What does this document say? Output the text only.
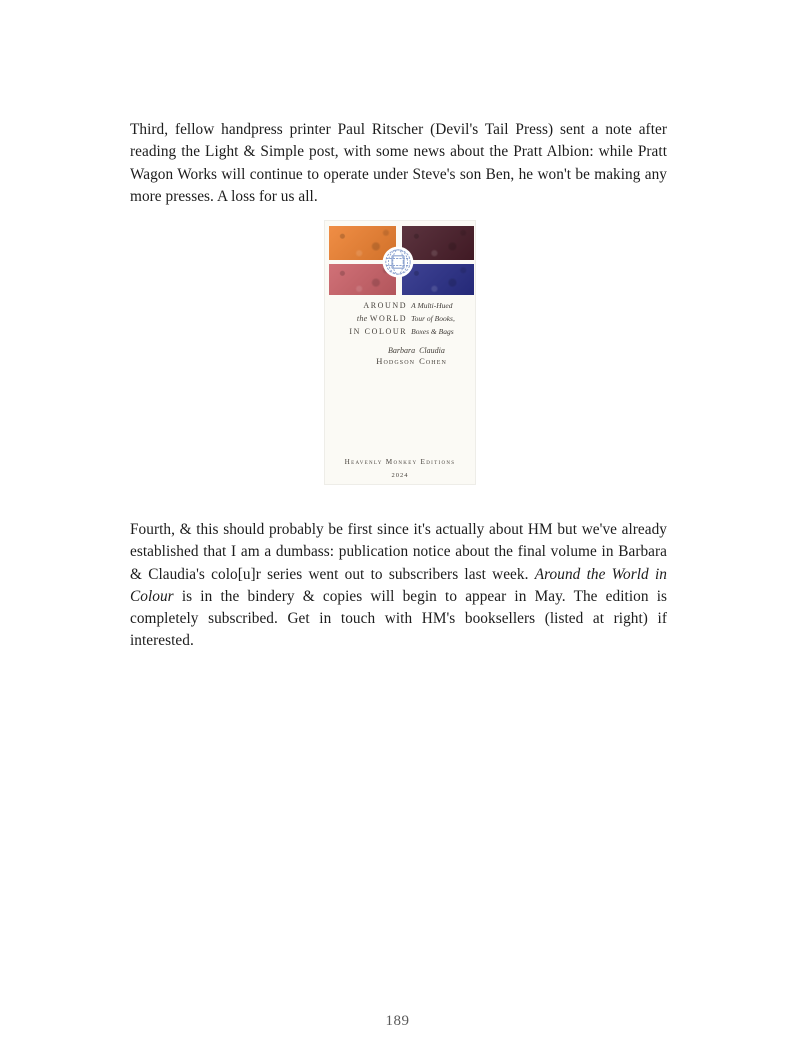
Third, fellow handpress printer Paul Ritscher (Devil's Tail Press) sent a note after reading the Light & Simple post, with some news about the Pratt Albion: while Pratt Wagon Works will continue to operate under Steve's son Ben, he won't be making any more presses. A loss for us all.

AROUND A Multi-Hued
the WORLD Tour of Books,
IN COLOUR Boxes & Bags
Barbara Claudia
Hodgson Cohen
Heavenly Monkey Editions
2024

Fourth, & this should probably be first since it's actually about HM but we've already established that I am a dumbass: publication notice about the final volume in Barbara & Claudia's colo[u]r series went out to subscribers last week. Around the World in Colour is in the bindery & copies will begin to appear in May. The edition is completely subscribed. Get in touch with HM's booksellers (listed at right) if interested.

189
